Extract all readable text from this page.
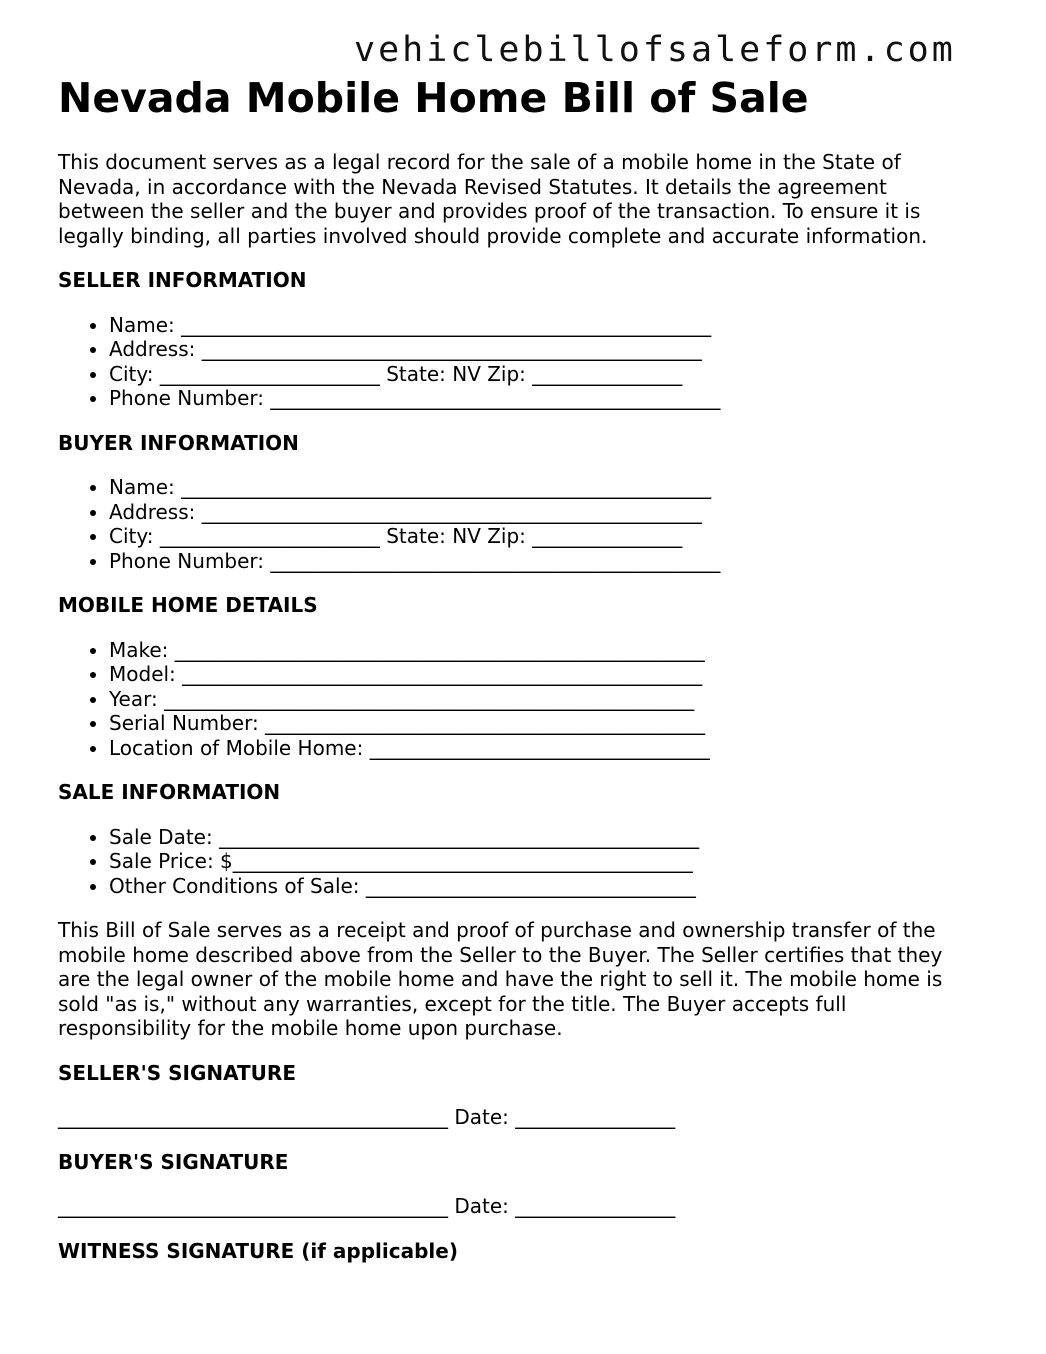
vehiclebillofsaleform.com
Nevada Mobile Home Bill of Sale

This document serves as a legal record for the sale of a mobile home in the State of Nevada, in accordance with the Nevada Revised Statutes. It details the agreement between the seller and the buyer and provides proof of the transaction. To ensure it is legally binding, all parties involved should provide complete and accurate information.

SELLER INFORMATION

• Name: _____________________________________________________
• Address: __________________________________________________
• City: ______________________ State: NV Zip: _______________
• Phone Number: _____________________________________________

BUYER INFORMATION

• Name: _____________________________________________________
• Address: __________________________________________________
• City: ______________________ State: NV Zip: _______________
• Phone Number: _____________________________________________

MOBILE HOME DETAILS

• Make: _____________________________________________________
• Model: ____________________________________________________
• Year: _____________________________________________________
• Serial Number: ____________________________________________
• Location of Mobile Home: __________________________________

SALE INFORMATION

• Sale Date: ________________________________________________
• Sale Price: $______________________________________________
• Other Conditions of Sale: _________________________________

This Bill of Sale serves as a receipt and proof of purchase and ownership transfer of the mobile home described above from the Seller to the Buyer. The Seller certifies that they are the legal owner of the mobile home and have the right to sell it. The mobile home is sold "as is," without any warranties, except for the title. The Buyer accepts full responsibility for the mobile home upon purchase.

SELLER'S SIGNATURE

_______________________________________ Date: ________________

BUYER'S SIGNATURE

_______________________________________ Date: ________________

WITNESS SIGNATURE (if applicable)
